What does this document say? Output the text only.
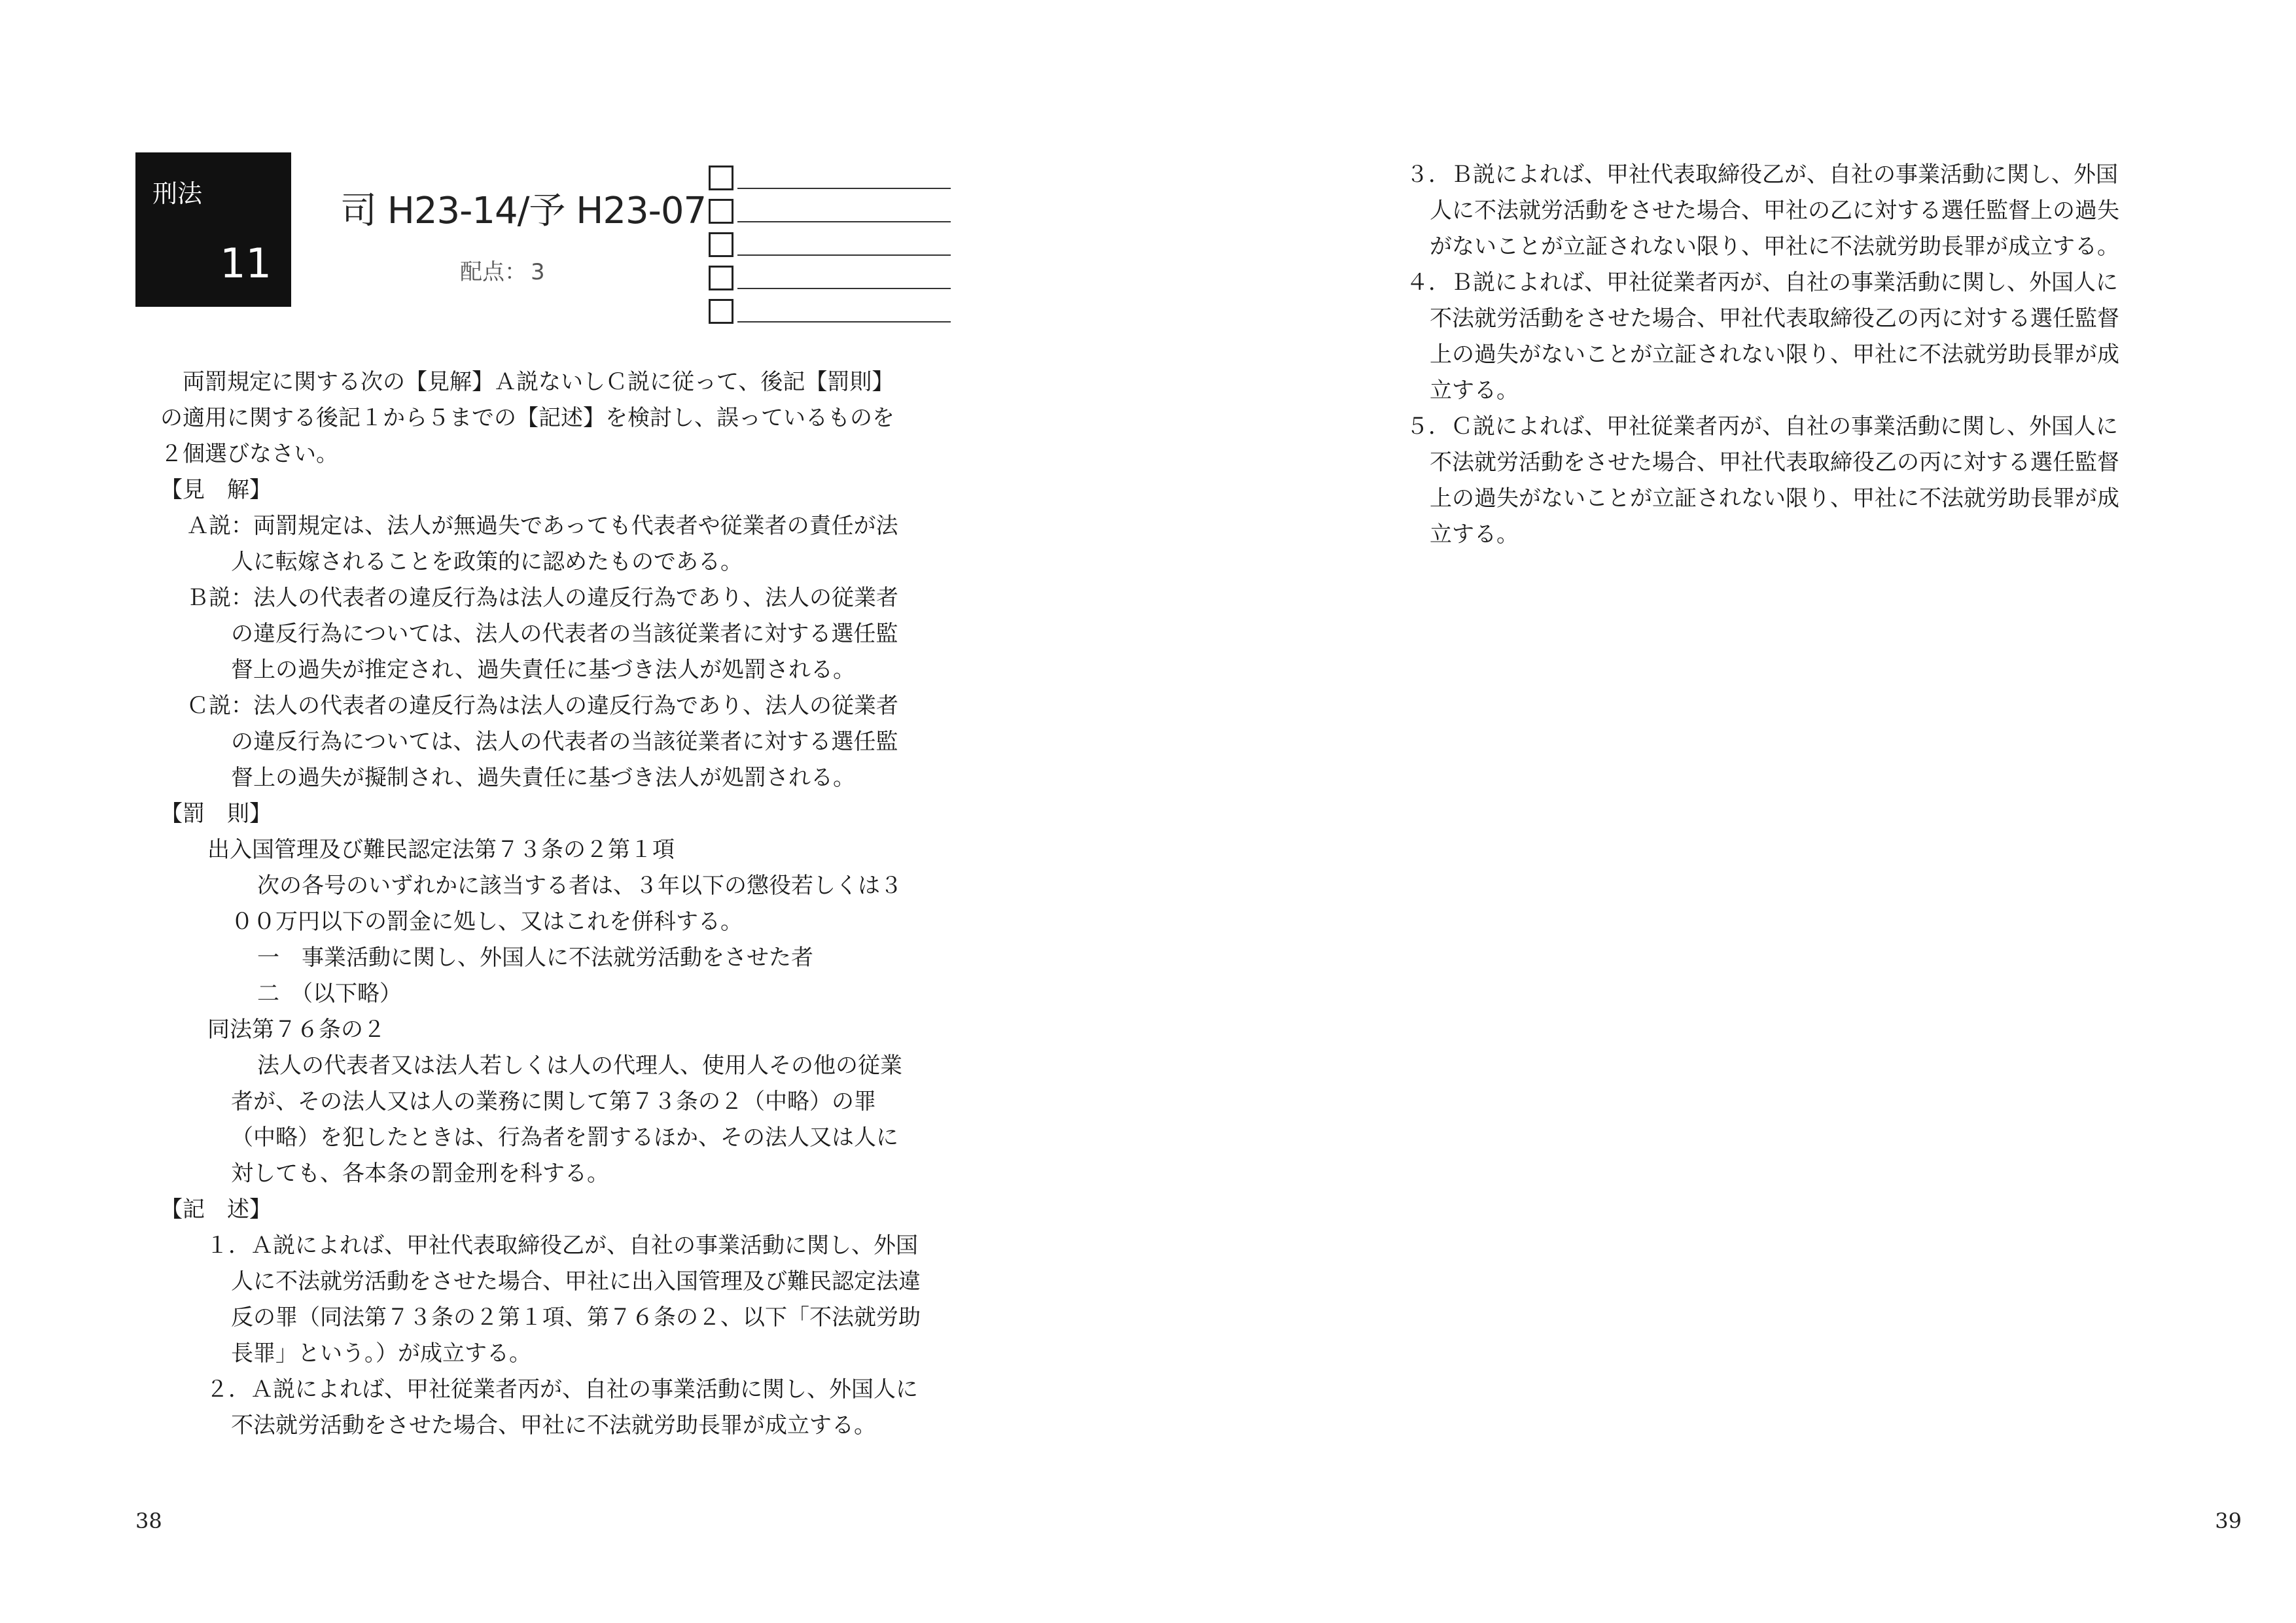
刑法
11
司 H23-14/予 H23-07
配点： 3
両罰規定に関する次の【見解】Ａ説ないしＣ説に従って、後記【罰則】
の適用に関する後記１から５までの【記述】を検討し、誤っているものを
２個選びなさい。
【見　解】
Ａ説：両罰規定は、法人が無過失であっても代表者や従業者の責任が法
人に転嫁されることを政策的に認めたものである。
Ｂ説：法人の代表者の違反行為は法人の違反行為であり、法人の従業者
の違反行為については、法人の代表者の当該従業者に対する選任監
督上の過失が推定され、過失責任に基づき法人が処罰される。
Ｃ説：法人の代表者の違反行為は法人の違反行為であり、法人の従業者
の違反行為については、法人の代表者の当該従業者に対する選任監
督上の過失が擬制され、過失責任に基づき法人が処罰される。
【罰　則】
出入国管理及び難民認定法第７３条の２第１項
次の各号のいずれかに該当する者は、３年以下の懲役若しくは３
００万円以下の罰金に処し、又はこれを併科する。
一　事業活動に関し、外国人に不法就労活動をさせた者
二　（以下略）
同法第７６条の２
法人の代表者又は法人若しくは人の代理人、使用人その他の従業
者が、その法人又は人の業務に関して第７３条の２（中略）の罪
（中略）を犯したときは、行為者を罰するほか、その法人又は人に
対しても、各本条の罰金刑を科する。
【記　述】
１．Ａ説によれば、甲社代表取締役乙が、自社の事業活動に関し、外国
人に不法就労活動をさせた場合、甲社に出入国管理及び難民認定法違
反の罪（同法第７３条の２第１項、第７６条の２、以下「不法就労助
長罪」という。）が成立する。
２．Ａ説によれば、甲社従業者丙が、自社の事業活動に関し、外国人に
不法就労活動をさせた場合、甲社に不法就労助長罪が成立する。
38
３．Ｂ説によれば、甲社代表取締役乙が、自社の事業活動に関し、外国
人に不法就労活動をさせた場合、甲社の乙に対する選任監督上の過失
がないことが立証されない限り、甲社に不法就労助長罪が成立する。
４．Ｂ説によれば、甲社従業者丙が、自社の事業活動に関し、外国人に
不法就労活動をさせた場合、甲社代表取締役乙の丙に対する選任監督
上の過失がないことが立証されない限り、甲社に不法就労助長罪が成
立する。
５．Ｃ説によれば、甲社従業者丙が、自社の事業活動に関し、外国人に
不法就労活動をさせた場合、甲社代表取締役乙の丙に対する選任監督
上の過失がないことが立証されない限り、甲社に不法就労助長罪が成
立する。
39
